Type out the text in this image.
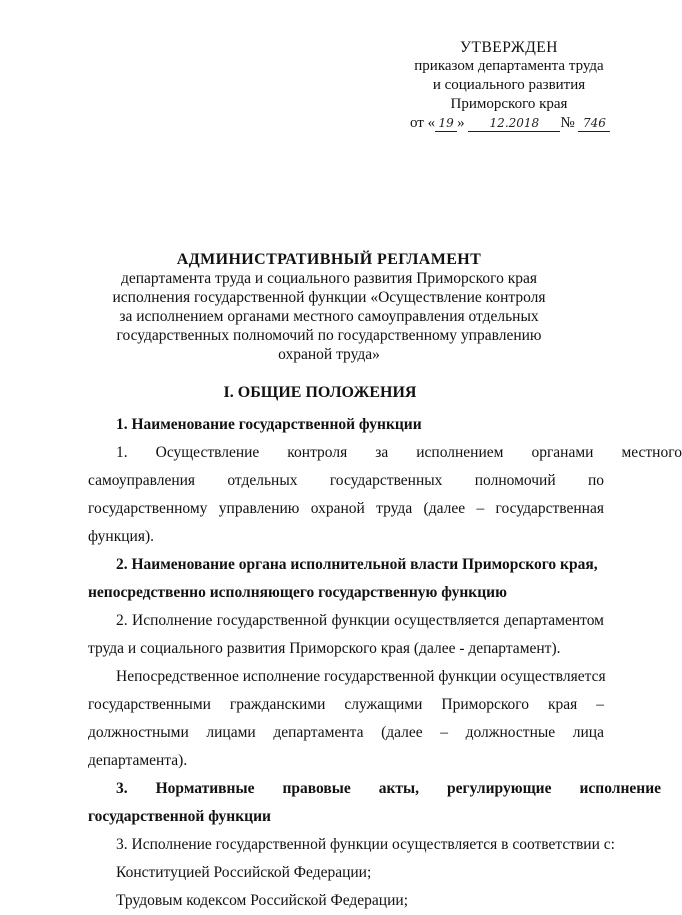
УТВЕРЖДЕН
приказом департамента труда
и социального развития
Приморского края
от « 19 » 12.2018 № 746
АДМИНИСТРАТИВНЫЙ РЕГЛАМЕНТ
департамента труда и социального развития Приморского края
исполнения государственной функции «Осуществление контроля
за исполнением органами местного самоуправления отдельных
государственных полномочий по государственному управлению
охраной труда»
I. ОБЩИЕ ПОЛОЖЕНИЯ
1. Наименование государственной функции
1.	Осуществление	контроля	за	исполнением	органами	местного
самоуправления отдельных государственных полномочий по государственному управлению охраной труда (далее – государственная функция).
2. Наименование органа исполнительной власти Приморского края,
непосредственно исполняющего государственную функцию
2. Исполнение государственной функции осуществляется департаментом труда и социального развития Приморского края (далее - департамент).
Непосредственное исполнение государственной функции осуществляется
государственными гражданскими служащими Приморского края –
должностными лицами департамента (далее – должностные лица
департамента).
3.	Нормативные	правовые	акты,	регулирующие	исполнение
государственной функции
3. Исполнение государственной функции осуществляется в соответствии с:
Конституцией Российской Федерации;
Трудовым кодексом Российской Федерации;
